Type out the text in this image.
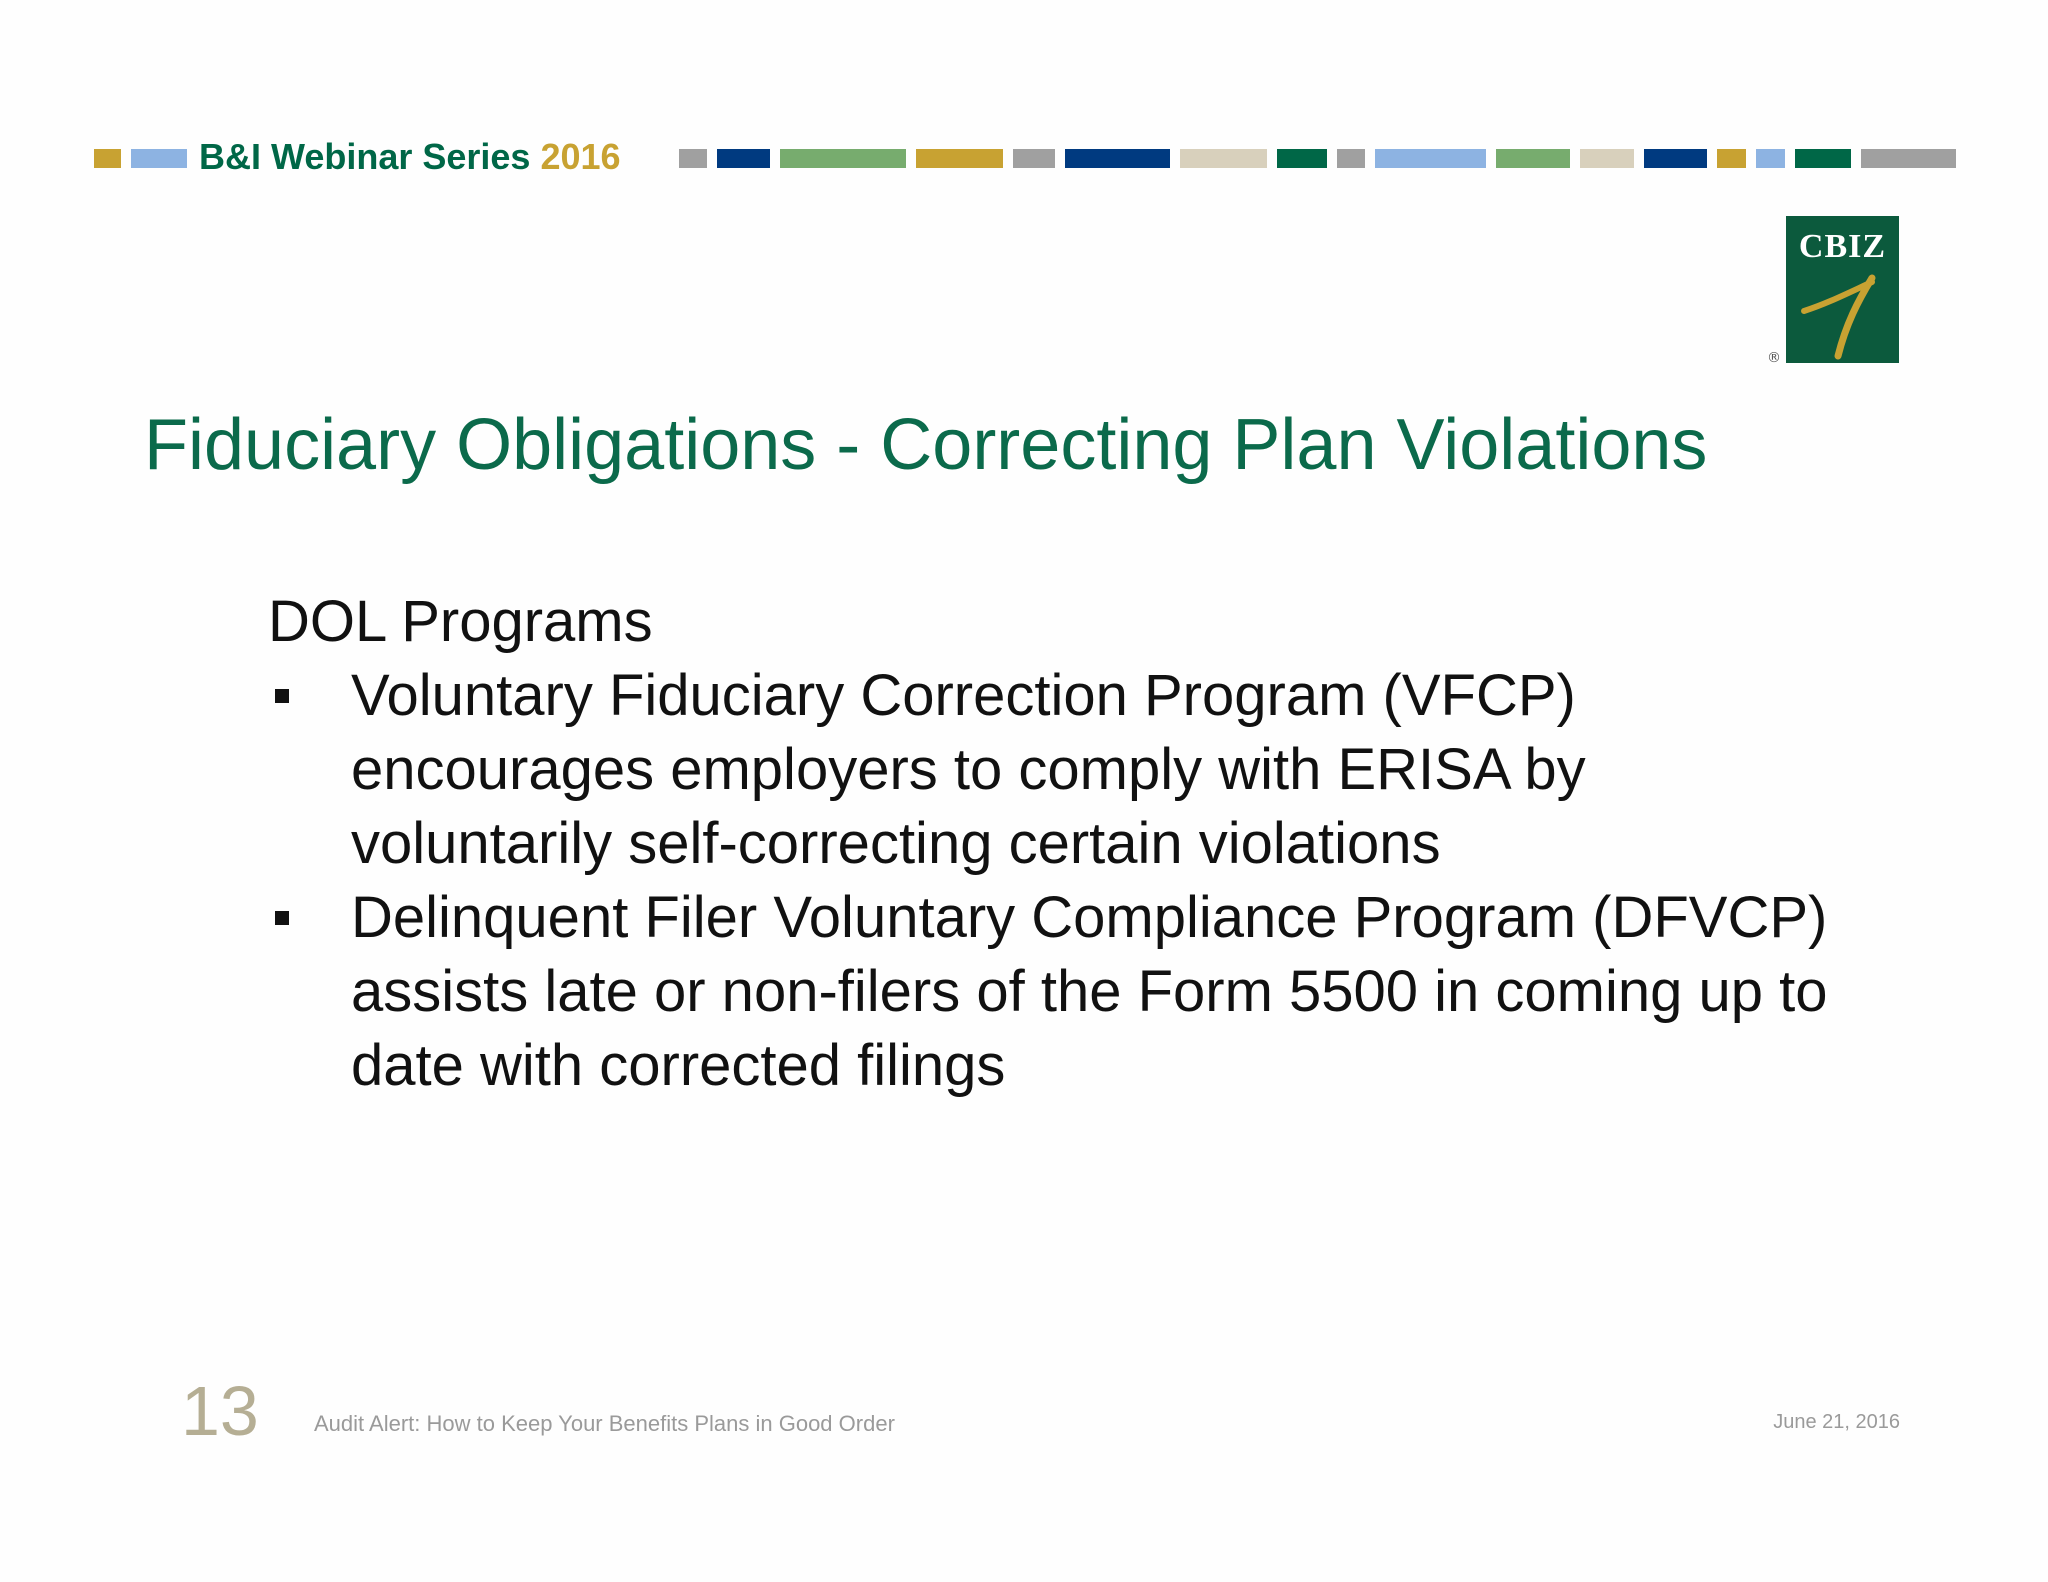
B&I Webinar Series 2016
CBIZ
®
Fiduciary Obligations - Correcting Plan Violations

DOL Programs

Voluntary Fiduciary Correction Program (VFCP) encourages employers to comply with ERISA by voluntarily self-correcting certain violations
Delinquent Filer Voluntary Compliance Program (DFVCP) assists late or non-filers of the Form 5500 in coming up to date with corrected filings
13	Audit Alert: How to Keep Your Benefits Plans in Good Order	June 21, 2016
